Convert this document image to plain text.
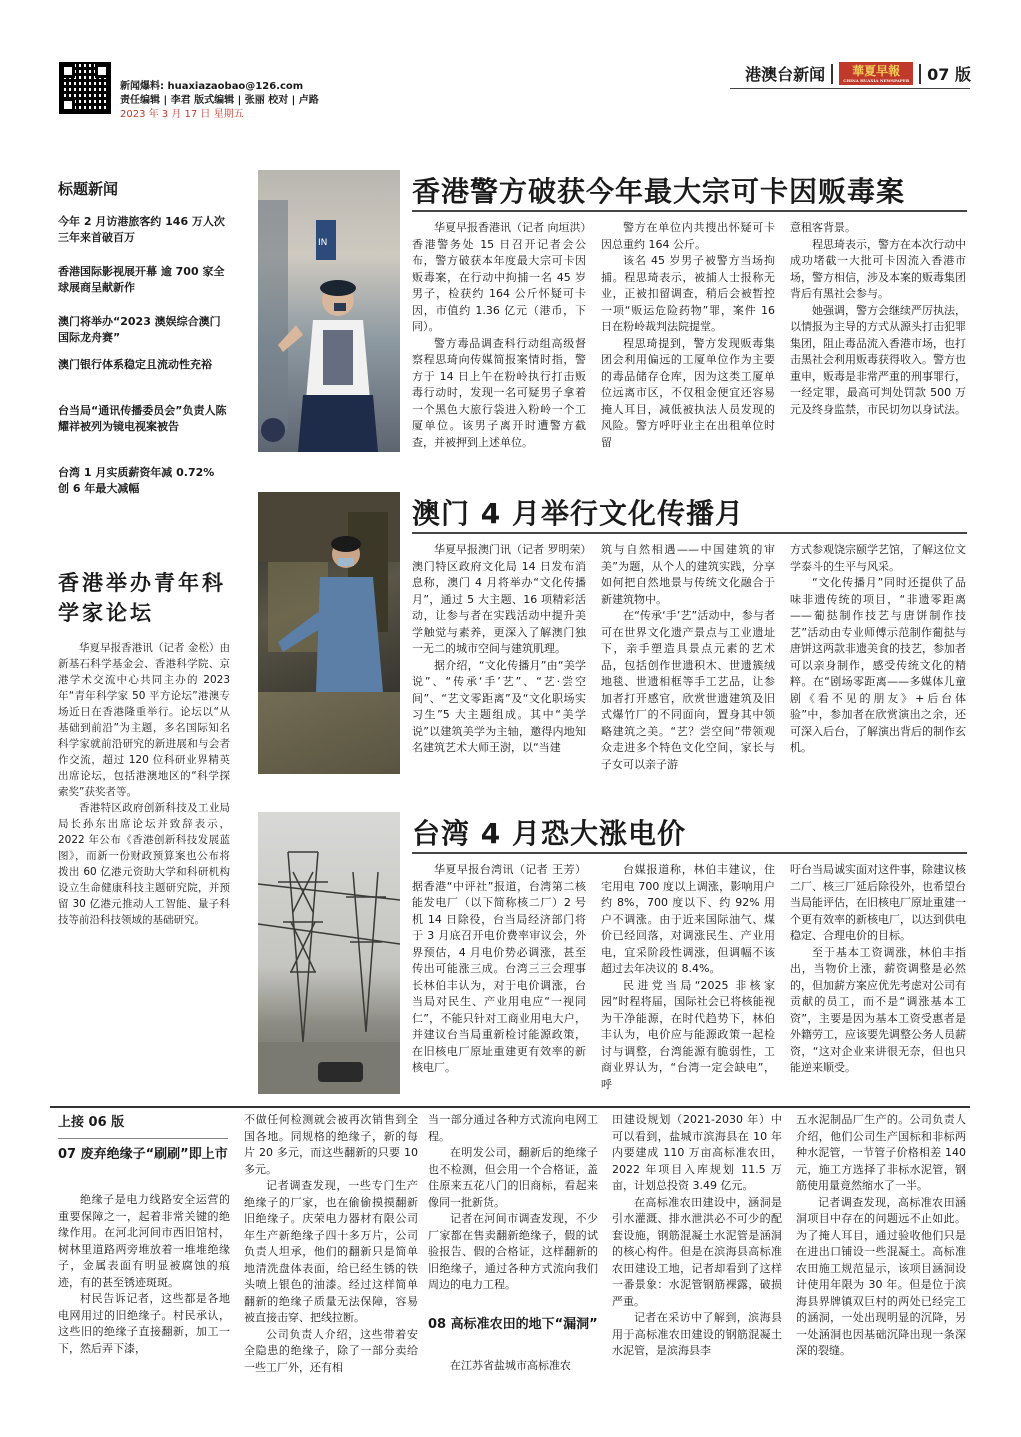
新闻爆料: huaxiazaobao@126.com
责任编辑 | 李君 版式编辑 | 张丽 校对 | 卢路
2023 年 3 月 17 日 星期五
港澳台新闻	華夏早報
CHINA HUAXIA NEWSPAPER 07 版
标题新闻
今年 2 月访港旅客约 146 万人次 三年来首破百万
香港国际影视展开幕 逾 700 家全球展商呈献新作
澳门将举办“2023 澳娱综合澳门国际龙舟赛”
澳门银行体系稳定且流动性充裕
台当局“通讯传播委员会”负责人陈耀祥被列为镜电视案被告
台湾 1 月实质薪资年减 0.72% 创 6 年最大减幅
香港举办青年科学家论坛

华夏早报香港讯（记者 金松）由新基石科学基金会、香港科学院、京港学术交流中心共同主办的 2023 年“青年科学家 50 平方论坛”港澳专场近日在香港隆重举行。论坛以“从基础到前沿”为主题，多名国际知名科学家就前沿研究的新进展和与会者作交流，超过 120 位科研业界精英出席论坛，包括港澳地区的“科学探索奖”获奖者等。

香港特区政府创新科技及工业局局长孙东出席论坛并致辞表示，2022 年公布《香港创新科技发展蓝图》，而新一份财政预算案也公布将拨出 60 亿港元资助大学和科研机构设立生命健康科技主题研究院，并预留 30 亿港元推动人工智能、量子科技等前沿科技领域的基础研究。

IN
香港警方破获今年最大宗可卡因贩毒案

华夏早报香港讯（记者 向垣洪）香港警务处 15 日召开记者会公布，警方破获本年度最大宗可卡因贩毒案，在行动中拘捕一名 45 岁男子，检获约 164 公斤怀疑可卡因，市值约 1.36 亿元（港币，下同）。

警方毒品调查科行动组高级督察程思琦向传媒简报案情时指，警方于 14 日上午在粉岭执行打击贩毒行动时，发现一名可疑男子拿着一个黑色大旅行袋进入粉岭一个工厦单位。该男子离开时遭警方截查，并被押到上述单位。

警方在单位内共搜出怀疑可卡因总重约 164 公斤。

该名 45 岁男子被警方当场拘捕。程思琦表示，被捕人士报称无业，正被扣留调查，稍后会被暂控一项“贩运危险药物”罪，案件 16 日在粉岭裁判法院提堂。

程思琦提到，警方发现贩毒集团会利用偏远的工厦单位作为主要的毒品储存仓库，因为这类工厦单位远离市区，不仅租金便宜还容易掩人耳目，减低被执法人员发现的风险。警方呼吁业主在出租单位时留

意租客背景。

程思琦表示，警方在本次行动中成功堵截一大批可卡因流入香港市场，警方相信，涉及本案的贩毒集团背后有黑社会参与。

她强调，警方会继续严厉执法，以情报为主导的方式从源头打击犯罪集团，阻止毒品流入香港市场，也打击黑社会利用贩毒获得收入。警方也重申，贩毒是非常严重的刑事罪行，一经定罪，最高可判处罚款 500 万元及终身监禁，市民切勿以身试法。

澳门 4 月举行文化传播月

华夏早报澳门讯（记者 罗明荣）澳门特区政府文化局 14 日发布消息称，澳门 4 月将举办“文化传播月”，通过 5 大主题、16 项精彩活动，让参与者在实践活动中提升美学触觉与素养，更深入了解澳门独一无二的城市空间与建筑肌理。

据介绍，“文化传播月”由“美学说”、“传承‘手’艺”、“艺·尝空间”、“艺文零距离”及“文化职场实习生”5 大主题组成。其中“美学说”以建筑美学为主轴，邀得内地知名建筑艺术大师王澍，以“当建

筑与自然相遇——中国建筑的审美”为题，从个人的建筑实践，分享如何把自然地景与传统文化融合于新建筑物中。

在“传承‘手’艺”活动中，参与者可在世界文化遗产景点与工业遗址下，亲手塑造具景点元素的艺术品，包括创作世遗积木、世遗簇绒地毯、世遗相框等手工艺品，让参加者打开感官，欣赏世遗建筑及旧式爆竹厂的不同面向，置身其中领略建筑之美。“艺？尝空间”带领观众走进多个特色文化空间，家长与子女可以亲子游

方式参观饶宗颐学艺馆，了解这位文学泰斗的生平与风采。

“文化传播月”同时还提供了品味非遗传统的项目，“非遗零距离——葡挞制作技艺与唐饼制作技艺”活动由专业师傅示范制作葡挞与唐饼这两款非遗美食的技艺，参加者可以亲身制作，感受传统文化的精粹。在“剧场零距离——多媒体儿童剧《看不见的朋友》+后台体验”中，参加者在欣赏演出之余，还可深入后台，了解演出背后的制作玄机。

台湾 4 月恐大涨电价

华夏早报台湾讯（记者 王芳）据香港“中评社”报道，台湾第二核能发电厂（以下简称核二厂）2 号机 14 日除役，台当局经济部门将于 3 月底召开电价费率审议会，外界预估，4 月电价势必调涨，甚至传出可能涨三成。台湾三三会理事长林伯丰认为，对于电价调涨，台当局对民生、产业用电应“一视同仁”，不能只针对工商业用电大户，并建议台当局重新检讨能源政策，在旧核电厂原址重建更有效率的新核电厂。

台媒报道称，林伯丰建议，住宅用电 700 度以上调涨，影响用户约 8%，700 度以下、约 92% 用户不调涨。由于近来国际油气、煤价已经回落，对调涨民生、产业用电，宜采阶段性调涨，但调幅不该超过去年决议的 8.4%。

民进党当局“2025 非核家园”时程将届，国际社会已将核能视为干净能源，在时代趋势下，林伯丰认为，电价应与能源政策一起检讨与调整，台湾能源有脆弱性，工商业界认为，“台湾一定会缺电”，呼

吁台当局诚实面对这件事，除建议核二厂、核三厂延后除役外，也希望台当局能评估，在旧核电厂原址重建一个更有效率的新核电厂，以达到供电稳定、合理电价的目标。

至于基本工资调涨，林伯丰指出，当物价上涨，薪资调整是必然的，但加薪方案应优先考虑对公司有贡献的员工，而不是“调涨基本工资”，主要是因为基本工资受惠者是外籍劳工，应该要先调整公务人员薪资，“这对企业来讲很无奈，但也只能逆来顺受。

上接 06 版
07 废弃绝缘子“刷刷”即上市

绝缘子是电力线路安全运营的重要保障之一，起着非常关键的绝缘作用。在河北河间市西旧馆村，树林里道路两旁堆放着一堆堆绝缘子，金属表面有明显被腐蚀的痕迹，有的甚至锈迹斑斑。

村民告诉记者，这些都是各地电网用过的旧绝缘子。村民承认，这些旧的绝缘子直接翻新，加工一下，然后弄下漆，

不做任何检测就会被再次销售到全国各地。同规格的绝缘子，新的每片 20 多元，而这些翻新的只要 10 多元。

记者调查发现，一些专门生产绝缘子的厂家，也在偷偷摸摸翻新旧绝缘子。庆荣电力器材有限公司年生产新绝缘子四十多万片，公司负责人坦承，他们的翻新只是简单地清洗盘体表面，给已经生锈的铁头喷上银色的油漆。经过这样简单翻新的绝缘子质量无法保障，容易被直接击穿、把线拉断。

公司负责人介绍，这些带着安全隐患的绝缘子，除了一部分卖给一些工厂外，还有相

当一部分通过各种方式流向电网工程。

在明发公司，翻新后的绝缘子也不检测，但会用一个合格证，盖住原来五花八门的旧商标，看起来像同一批新货。

记者在河间市调查发现，不少厂家都在售卖翻新绝缘子，假的试验报告、假的合格证，这样翻新的旧绝缘子，通过各种方式流向我们周边的电力工程。

08 高标准农田的地下“漏洞”

在江苏省盐城市高标准农

田建设规划（2021-2030 年）中可以看到，盐城市滨海县在 10 年内要建成 110 万亩高标准农田，2022 年项目入库规划 11.5 万亩，计划总投资 3.49 亿元。

在高标准农田建设中，涵洞是引水灌溉、排水泄洪必不可少的配套设施，钢筋混凝土水泥管是涵洞的核心构件。但是在滨海县高标准农田建设工地，记者却看到了这样一番景象：水泥管钢筋裸露，破损严重。

记者在采访中了解到，滨海县用于高标准农田建设的钢筋混凝土水泥管，是滨海县李

五水泥制品厂生产的。公司负责人介绍，他们公司生产国标和非标两种水泥管，一节管子价格相差 140 元，施工方选择了非标水泥管，钢筋使用量竟然缩水了一半。

记者调查发现，高标准农田涵洞项目中存在的问题远不止如此。为了掩人耳目，通过验收他们只是在进出口铺设一些混凝土。高标准农田施工规范显示，该项目涵洞设计使用年限为 30 年。但是位于滨海县界牌镇双巨村的两处已经完工的涵洞，一处出现明显的沉降，另一处涵洞也因基础沉降出现一条深深的裂缝。
